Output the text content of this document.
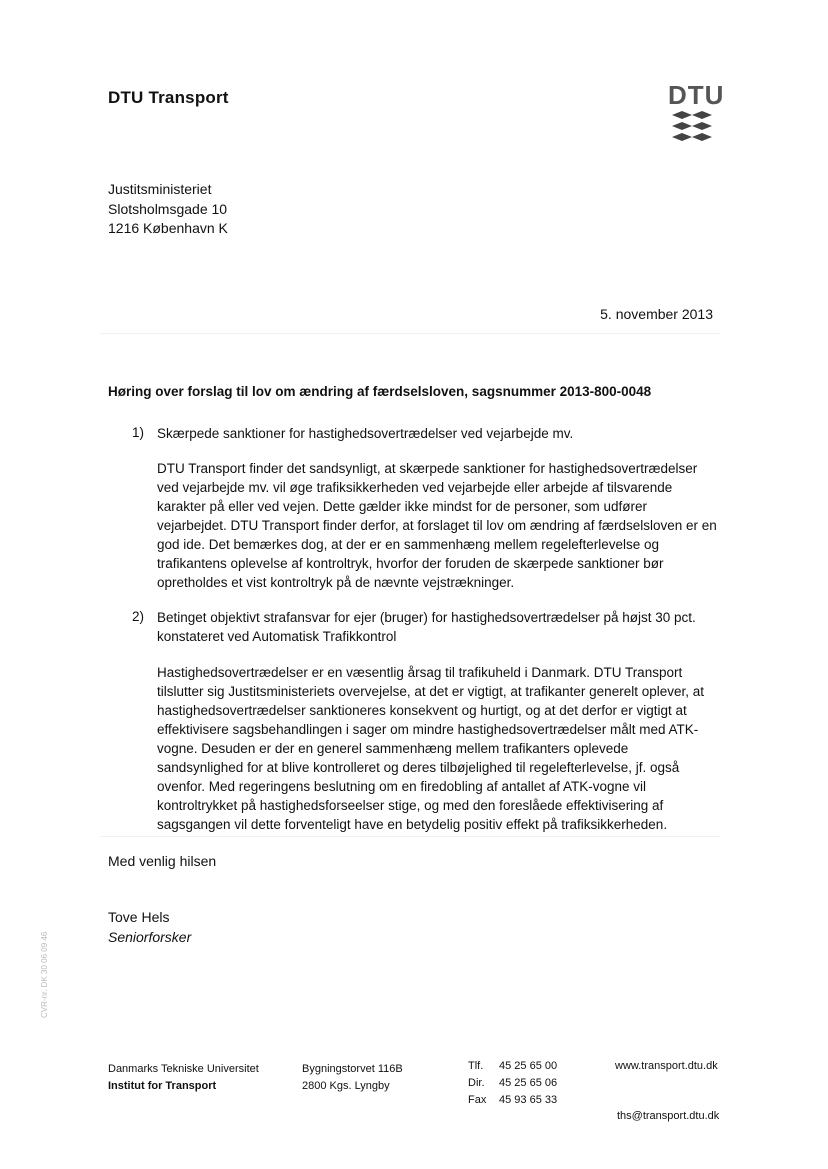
DTU Transport	DTU
Justitsministeriet
Slotsholmsgade 10
1216 København K
5. november 2013
Høring over forslag til lov om ændring af færdselsloven, sagsnummer 2013-800-0048
1) Skærpede sanktioner for hastighedsovertrædelser ved vejarbejde mv.
DTU Transport finder det sandsynligt, at skærpede sanktioner for hastighedsovertrædelser ved vejarbejde mv. vil øge trafiksikkerheden ved vejarbejde eller arbejde af tilsvarende karakter på eller ved vejen. Dette gælder ikke mindst for de personer, som udfører vejarbejdet. DTU Transport finder derfor, at forslaget til lov om ændring af færdselsloven er en god ide. Det bemærkes dog, at der er en sammenhæng mellem regelefterlevelse og trafikantens oplevelse af kontroltryk, hvorfor der foruden de skærpede sanktioner bør opretholdes et vist kontroltryk på de nævnte vejstrækninger.
2) Betinget objektivt strafansvar for ejer (bruger) for hastighedsovertrædelser på højst 30 pct. konstateret ved Automatisk Trafikkontrol
Hastighedsovertrædelser er en væsentlig årsag til trafikuheld i Danmark. DTU Transport tilslutter sig Justitsministeriets overvejelse, at det er vigtigt, at trafikanter generelt oplever, at hastighedsovertrædelser sanktioneres konsekvent og hurtigt, og at det derfor er vigtigt at effektivisere sagsbehandlingen i sager om mindre hastighedsovertrædelser målt med ATK-vogne. Desuden er der en generel sammenhæng mellem trafikanters oplevede sandsynlighed for at blive kontrolleret og deres tilbøjelighed til regelefterlevelse, jf. også ovenfor. Med regeringens beslutning om en firedobling af antallet af ATK-vogne vil kontroltrykket på hastighedsforseelser stige, og med den foreslåede effektivisering af sagsgangen vil dette forventeligt have en betydelig positiv effekt på trafiksikkerheden.
Med venlig hilsen
Tove Hels
Seniorforsker
CVR-nr. DK 30 06 09 46
Danmarks Tekniske Universitet
Institut for Transport
Bygningstorvet 116B
2800 Kgs. Lyngby
Tlf.	45 25 65 00
Dir.	45 25 65 06
Fax	45 93 65 33
www.transport.dtu.dk
ths@transport.dtu.dk
